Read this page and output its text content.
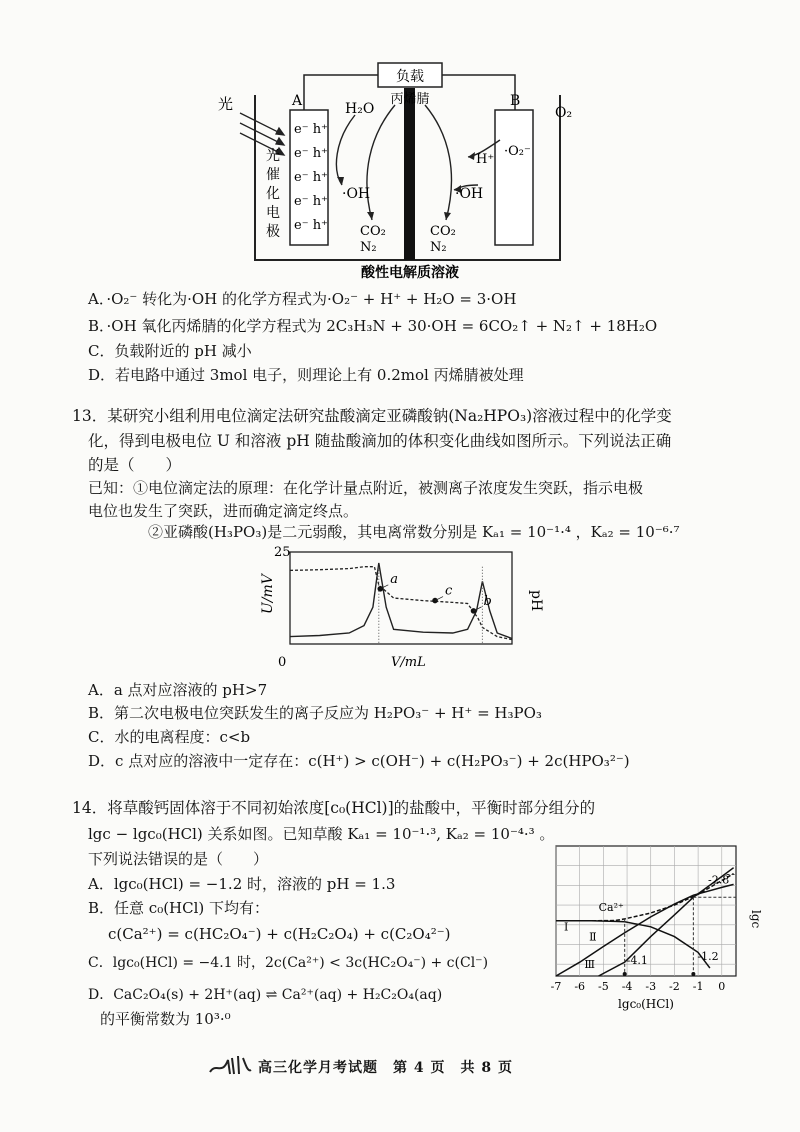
负载
丙烯腈
光	A	B
H₂O	O₂
H⁺
·O₂⁻
·OH	·OH
CO₂
N₂
CO₂
N₂
酸性电解质溶液
e⁻ h⁺
e⁻ h⁺
e⁻ h⁺
e⁻ h⁺
e⁻ h⁺
光
催
化
电
极
A．·O₂⁻ 转化为·OH 的化学方程式为·O₂⁻ + H⁺ + H₂O = 3·OH
B．·OH 氧化丙烯腈的化学方程式为 2C₃H₃N + 30·OH = 6CO₂↑ + N₂↑ + 18H₂O
C．负载附近的 pH 减小
D．若电路中通过 3mol 电子，则理论上有 0.2mol 丙烯腈被处理
13．某研究小组利用电位滴定法研究盐酸滴定亚磷酸钠(Na₂HPO₃)溶液过程中的化学变
化，得到电极电位 U 和溶液 pH 随盐酸滴加的体积变化曲线如图所示。下列说法正确
的是（　　）
已知：①电位滴定法的原理：在化学计量点附近，被测离子浓度发生突跃，指示电极
电位也发生了突跃，进而确定滴定终点。
②亚磷酸(H₃PO₃)是二元弱酸，其电离常数分别是 Kₐ₁ = 10⁻¹·⁴ ，Kₐ₂ = 10⁻⁶·⁷
a
c
b
25
0	V/mL
U/mV	pH
A．a 点对应溶液的 pH>7
B．第二次电极电位突跃发生的离子反应为 H₂PO₃⁻ + H⁺ = H₃PO₃
C．水的电离程度：c<b
D．c 点对应的溶液中一定存在：c(H⁺) > c(OH⁻) + c(H₂PO₃⁻) + 2c(HPO₃²⁻)
14．将草酸钙固体溶于不同初始浓度[c₀(HCl)]的盐酸中，平衡时部分组分的
lgc − lgc₀(HCl) 关系如图。已知草酸 Kₐ₁ = 10⁻¹·³, Kₐ₂ = 10⁻⁴·³ 。
下列说法错误的是（　　）
A．lgc₀(HCl) = −1.2 时，溶液的 pH = 1.3
B．任意 c₀(HCl) 下均有：
c(Ca²⁺) = c(HC₂O₄⁻) + c(H₂C₂O₄) + c(C₂O₄²⁻)
C．lgc₀(HCl) = −4.1 时，2c(Ca²⁺) < 3c(HC₂O₄⁻) + c(Cl⁻)
D．CaC₂O₄(s) + 2H⁺(aq) ⇌ Ca²⁺(aq) + H₂C₂O₄(aq)
的平衡常数为 10³·⁰
-7 -6 -5 -4 -3 -2 -1 0
lgc₀(HCl)
lgc
Ca²⁺
Ⅰ
Ⅱ
Ⅲ
-2.8
-4.1	-1.2
高三化学月考试题　第 4 页　共 8 页
